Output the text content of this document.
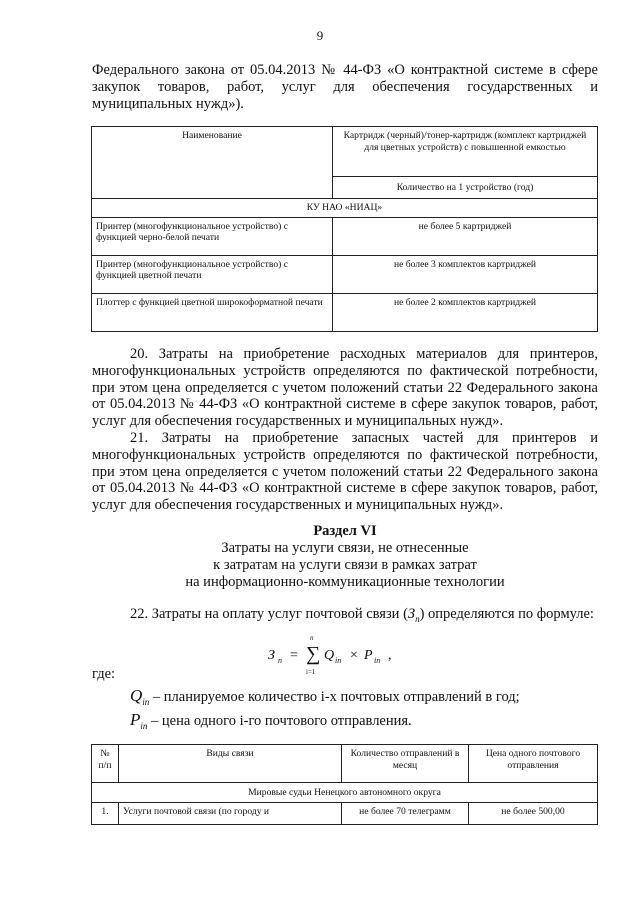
9
Федерального закона от 05.04.2013 № 44-ФЗ «О контрактной системе в сфере закупок товаров, работ, услуг для обеспечения государственных и муниципальных нужд»).
Наименование	Картридж (черный)/тонер-картридж (комплект картриджей для цветных устройств) с повышенной емкостью
	Количество на 1 устройство (год)
КУ НАО «НИАЦ»	
Принтер (многофункциональное устройство) с функцией черно-белой печати	не более 5 картриджей
Принтер (многофункциональное устройство) с функцией цветной печати	не более 3 комплектов картриджей
Плоттер с функцией цветной широкоформатной печати	не более 2 комплектов картриджей
20. Затраты на приобретение расходных материалов для принтеров, многофункциональных устройств определяются по фактической потребности, при этом цена определяется с учетом положений статьи 22 Федерального закона от 05.04.2013 № 44-ФЗ «О контрактной системе в сфере закупок товаров, работ, услуг для обеспечения государственных и муниципальных нужд».
21. Затраты на приобретение запасных частей для принтеров и многофункциональных устройств определяются по фактической потребности, при этом цена определяется с учетом положений статьи 22 Федерального закона от 05.04.2013 № 44-ФЗ «О контрактной системе в сфере закупок товаров, работ, услуг для обеспечения государственных и муниципальных нужд».
Раздел VI
Затраты на услуги связи, не отнесенные
к затратам на услуги связи в рамках затрат
на информационно-коммуникационные технологии
22. Затраты на оплату услуг почтовой связи $(З_п)$ определяются по формуле:
З п =
n
∑
i=1
Q in × P in ,
где:
$Q_{in}$ – планируемое количество i-х почтовых отправлений в год;
$P_{in}$ – цена одного i-го почтового отправления.
№ п/п	Виды связи	Количество отправлений в месяц	Цена одного почтового отправления
Мировые судьи Ненецкого автономного округа			
1.	Услуги почтовой связи (по городу и	не более 70 телеграмм	не более 500,00
